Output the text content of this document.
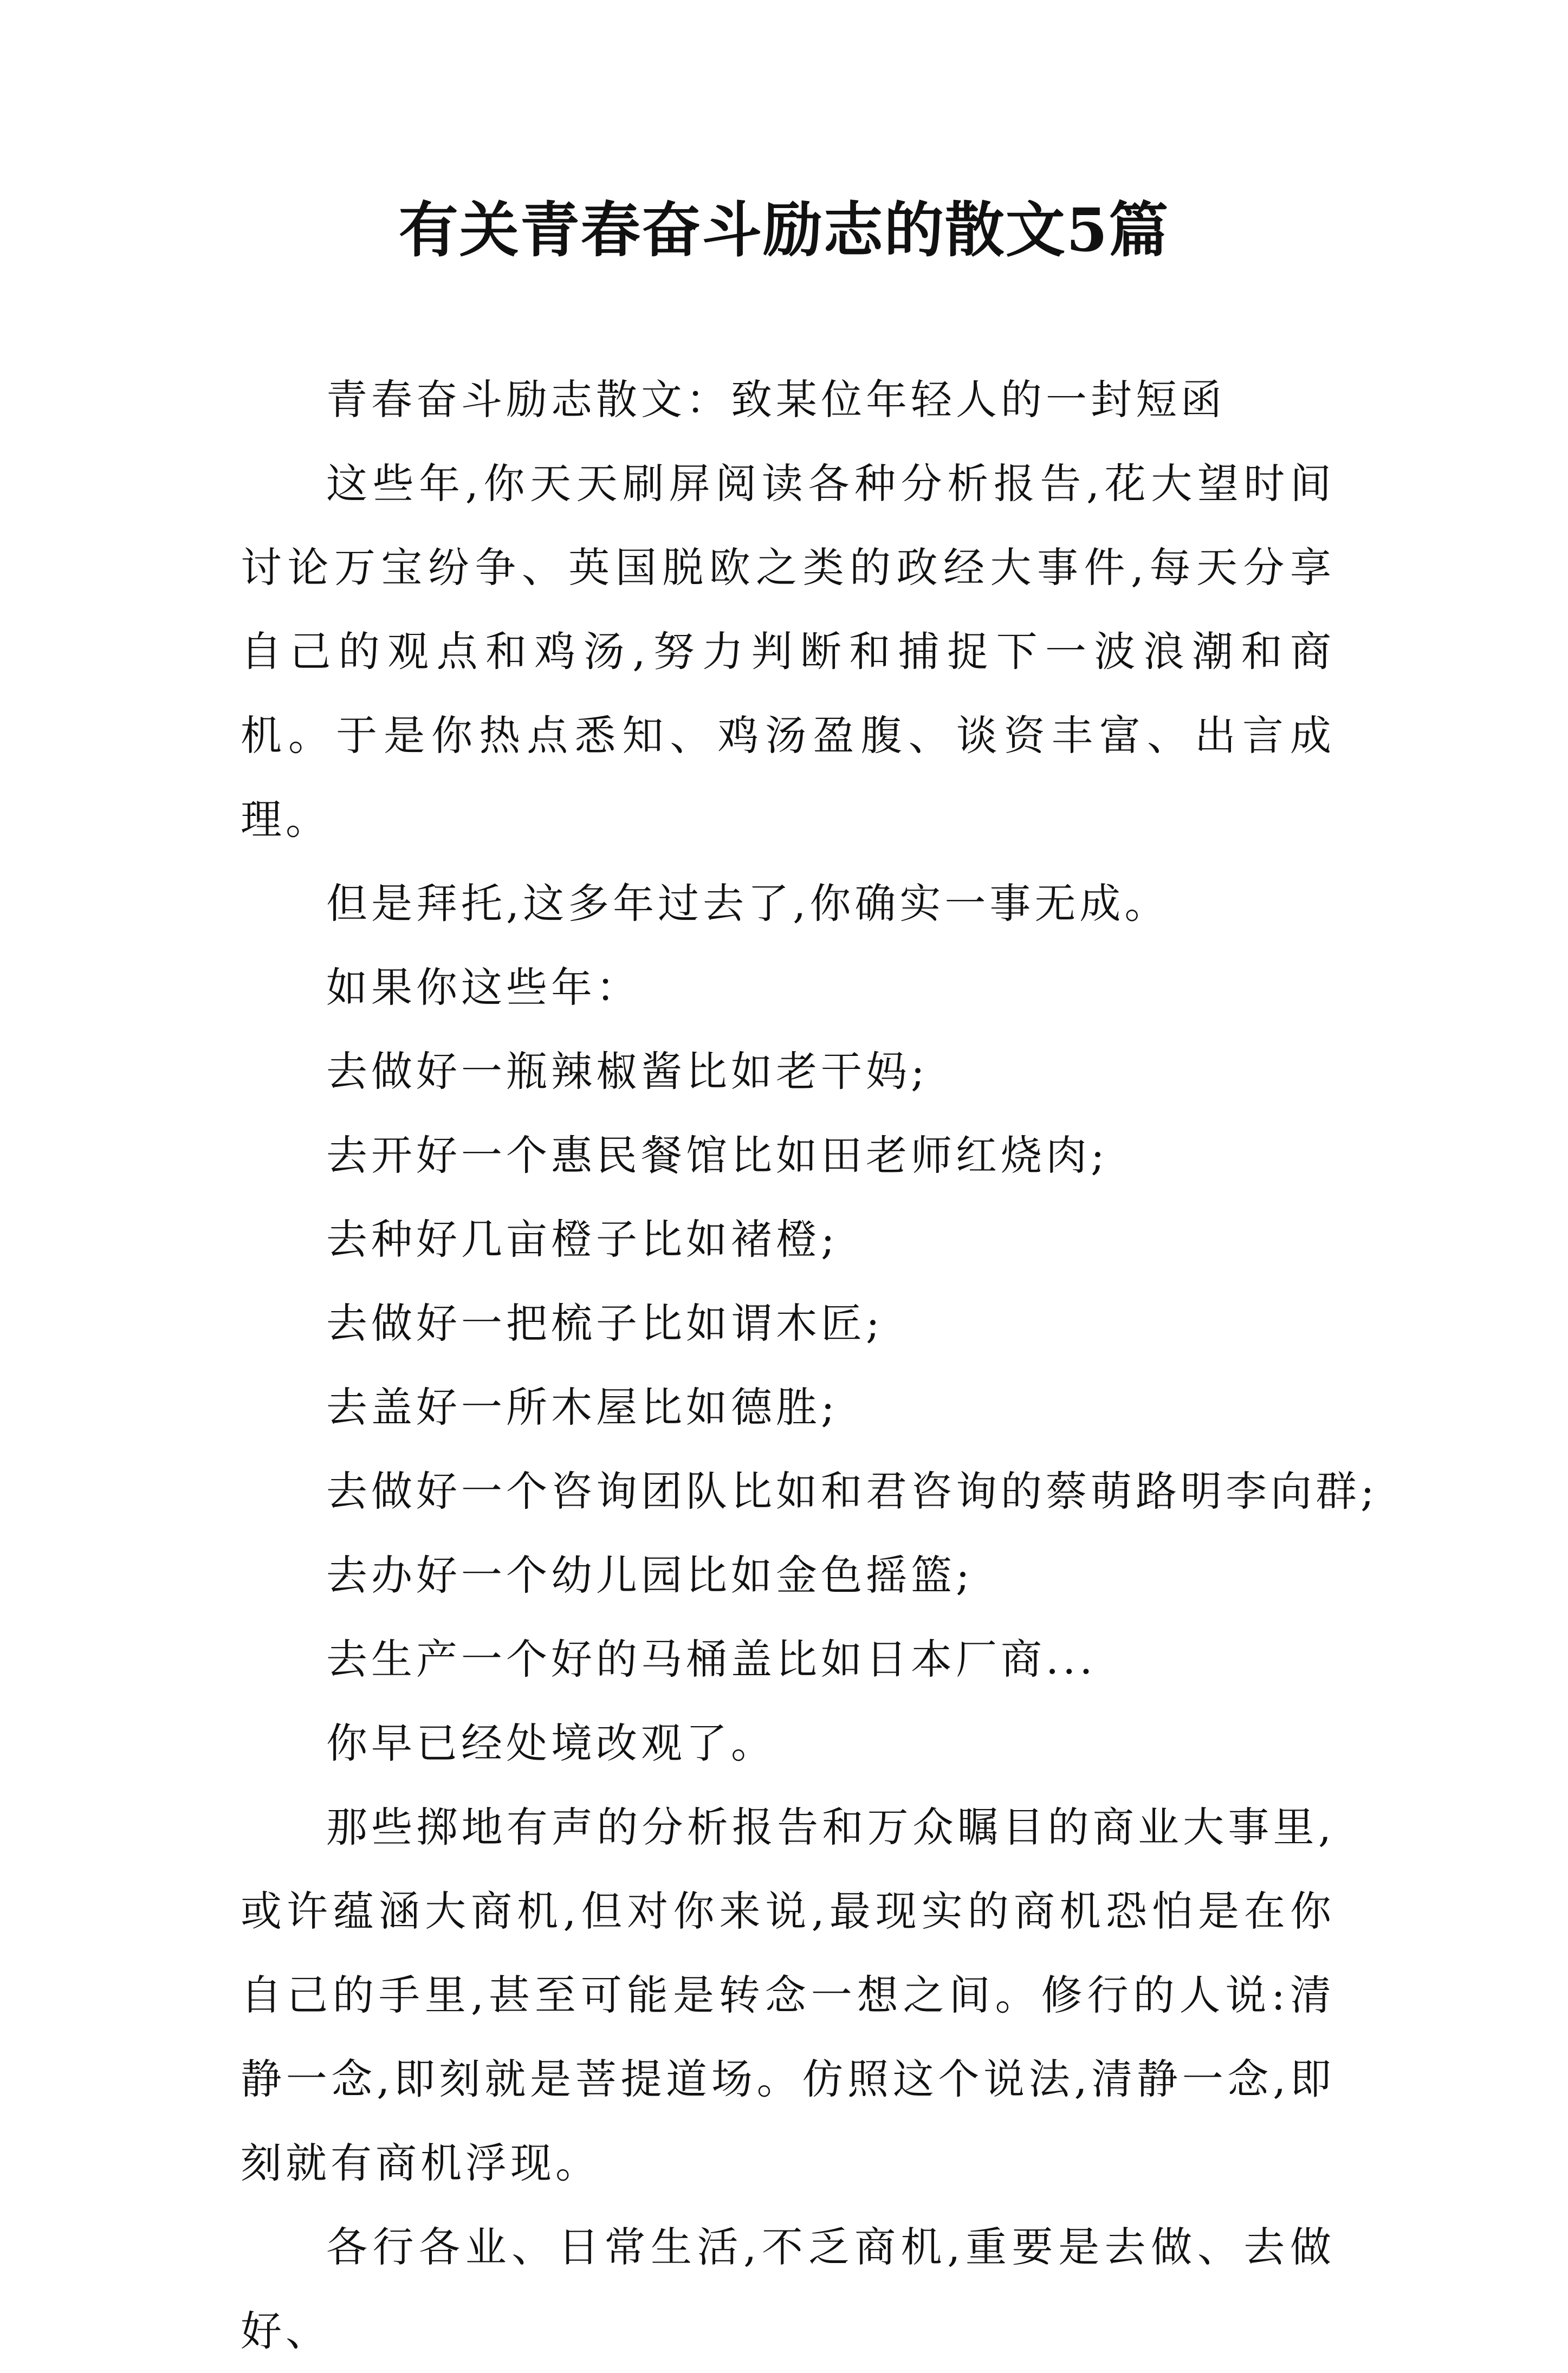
有关青春奋斗励志的散文5篇

青春奋斗励志散文：致某位年轻人的一封短函

这些年,你天天刷屏阅读各种分析报告,花大望时间讨论万宝纷争、英国脱欧之类的政经大事件,每天分享自己的观点和鸡汤,努力判断和捕捉下一波浪潮和商机。于是你热点悉知、鸡汤盈腹、谈资丰富、出言成理。

但是拜托,这多年过去了,你确实一事无成。

如果你这些年：

去做好一瓶辣椒酱比如老干妈;

去开好一个惠民餐馆比如田老师红烧肉;

去种好几亩橙子比如褚橙;

去做好一把梳子比如谓木匠;

去盖好一所木屋比如德胜;

去做好一个咨询团队比如和君咨询的蔡萌路明李向群;

去办好一个幼儿园比如金色摇篮;

去生产一个好的马桶盖比如日本厂商...

你早已经处境改观了。

那些掷地有声的分析报告和万众瞩目的商业大事里,或许蕴涵大商机,但对你来说,最现实的商机恐怕是在你自己的手里,甚至可能是转念一想之间。修行的人说:清静一念,即刻就是菩提道场。仿照这个说法,清静一念,即刻就有商机浮现。

各行各业、日常生活,不乏商机,重要是去做、去做好、
